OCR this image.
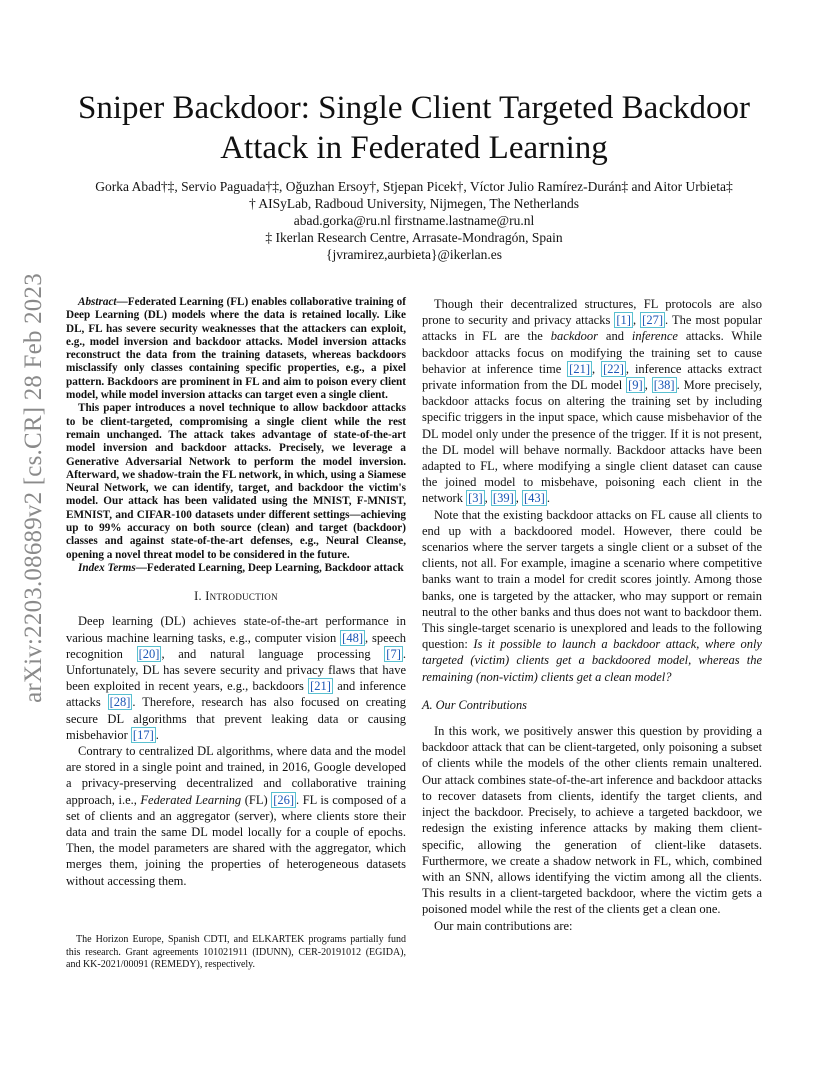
arXiv:2203.08689v2 [cs.CR] 28 Feb 2023
Sniper Backdoor: Single Client Targeted Backdoor
Attack in Federated Learning
Gorka Abad†‡, Servio Paguada†‡, Oğuzhan Ersoy†, Stjepan Picek†, Víctor Julio Ramírez-Durán‡ and Aitor Urbieta‡
† AISyLab, Radboud University, Nijmegen, The Netherlands
abad.gorka@ru.nl firstname.lastname@ru.nl
‡ Ikerlan Research Centre, Arrasate-Mondragón, Spain
{jvramirez,aurbieta}@ikerlan.es

Abstract—Federated Learning (FL) enables collaborative training of Deep Learning (DL) models where the data is retained locally. Like DL, FL has severe security weaknesses that the attackers can exploit, e.g., model inversion and backdoor attacks. Model inversion attacks reconstruct the data from the training datasets, whereas backdoors misclassify only classes containing specific properties, e.g., a pixel pattern. Backdoors are prominent in FL and aim to poison every client model, while model inversion attacks can target even a single client.

This paper introduces a novel technique to allow backdoor attacks to be client-targeted, compromising a single client while the rest remain unchanged. The attack takes advantage of state-of-the-art model inversion and backdoor attacks. Precisely, we leverage a Generative Adversarial Network to perform the model inversion. Afterward, we shadow-train the FL network, in which, using a Siamese Neural Network, we can identify, target, and backdoor the victim's model. Our attack has been validated using the MNIST, F-MNIST, EMNIST, and CIFAR-100 datasets under different settings—achieving up to 99% accuracy on both source (clean) and target (backdoor) classes and against state-of-the-art defenses, e.g., Neural Cleanse, opening a novel threat model to be considered in the future.

Index Terms—Federated Learning, Deep Learning, Backdoor attack

I. Introduction

Deep learning (DL) achieves state-of-the-art performance in various machine learning tasks, e.g., computer vision [48] , speech recognition [20] , and natural language processing [7] . Unfortunately, DL has severe security and privacy flaws that have been exploited in recent years, e.g., backdoors [21] and inference attacks [28] . Therefore, research has also focused on creating secure DL algorithms that prevent leaking data or causing misbehavior [17] .

Contrary to centralized DL algorithms, where data and the model are stored in a single point and trained, in 2016, Google developed a privacy-preserving decentralized and collaborative training approach, i.e., Federated Learning (FL) [26] . FL is composed of a set of clients and an aggregator (server), where clients store their data and train the same DL model locally for a couple of epochs. Then, the model parameters are shared with the aggregator, which merges them, joining the properties of heterogeneous datasets without accessing them.

The Horizon Europe, Spanish CDTI, and ELKARTEK programs partially fund this research. Grant agreements 101021911 (IDUNN), CER-20191012 (EGIDA), and KK-2021/00091 (REMEDY), respectively.

Though their decentralized structures, FL protocols are also prone to security and privacy attacks [1] , [27] . The most popular attacks in FL are the backdoor and inference attacks. While backdoor attacks focus on modifying the training set to cause behavior at inference time [21] , [22] , inference attacks extract private information from the DL model [9] , [38] . More precisely, backdoor attacks focus on altering the training set by including specific triggers in the input space, which cause misbehavior of the DL model only under the presence of the trigger. If it is not present, the DL model will behave normally. Backdoor attacks have been adapted to FL, where modifying a single client dataset can cause the joined model to misbehave, poisoning each client in the network [3] , [39] , [43] .

Note that the existing backdoor attacks on FL cause all clients to end up with a backdoored model. However, there could be scenarios where the server targets a single client or a subset of the clients, not all. For example, imagine a scenario where competitive banks want to train a model for credit scores jointly. Among those banks, one is targeted by the attacker, who may support or remain neutral to the other banks and thus does not want to backdoor them. This single-target scenario is unexplored and leads to the following question: Is it possible to launch a backdoor attack, where only targeted (victim) clients get a backdoored model, whereas the remaining (non-victim) clients get a clean model?

A. Our Contributions

In this work, we positively answer this question by providing a backdoor attack that can be client-targeted, only poisoning a subset of clients while the models of the other clients remain unaltered. Our attack combines state-of-the-art inference and backdoor attacks to recover datasets from clients, identify the target clients, and inject the backdoor. Precisely, to achieve a targeted backdoor, we redesign the existing inference attacks by making them client-specific, allowing the generation of client-like datasets. Furthermore, we create a shadow network in FL, which, combined with an SNN, allows identifying the victim among all the clients. This results in a client-targeted backdoor, where the victim gets a poisoned model while the rest of the clients get a clean one.

Our main contributions are:
